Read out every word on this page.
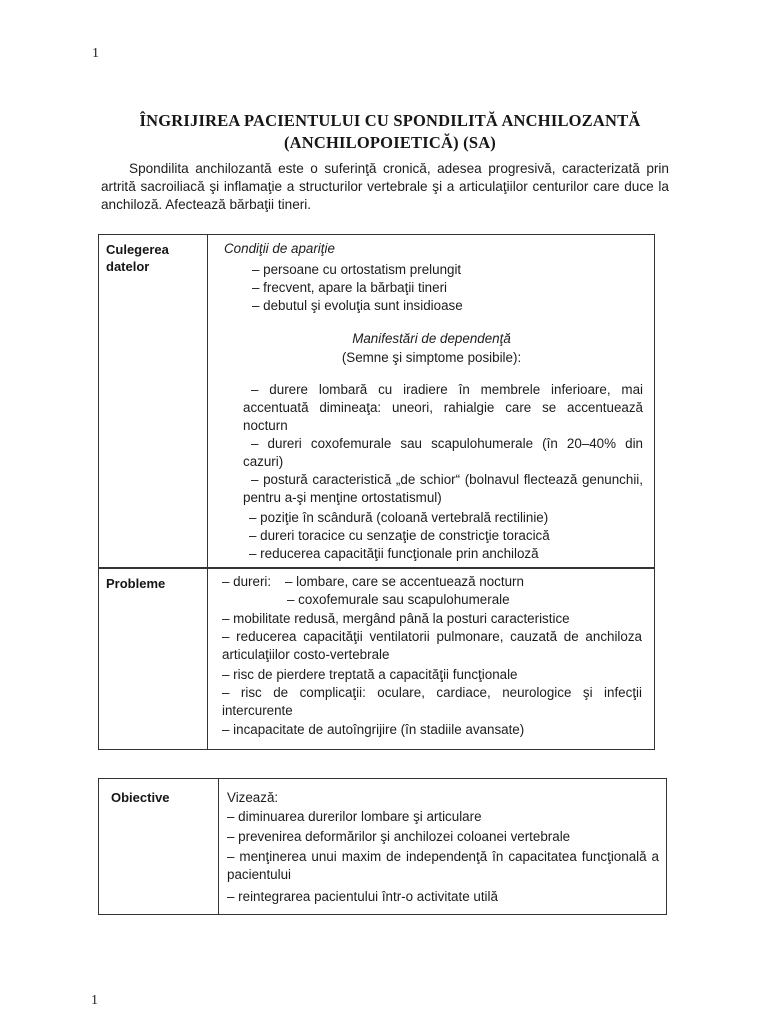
1
ÎNGRIJIREA PACIENTULUI CU SPONDILITĂ ANCHILOZANTĂ
(ANCHILOPOIETICĂ) (SA)
Spondilita anchilozantă este o suferinţă cronică, adesea progresivă, caracterizată prin artrită sacroiliacă şi inflamaţie a structurilor vertebrale şi a articulaţiilor centurilor care duce la anchiloză. Afectează bărbaţii tineri.
Culegerea
datelor
Condiţii de apariţie
– persoane cu ortostatism prelungit
– frecvent, apare la bărbaţii tineri
– debutul şi evoluţia sunt insidioase
Manifestări de dependenţă
(Semne şi simptome posibile):
– durere lombară cu iradiere în membrele inferioare, mai accentuată dimineaţa: uneori, rahialgie care se accentuează nocturn
– dureri coxofemurale sau scapulohumerale (în 20–40% din cazuri)
– postură caracteristică „de schior“ (bolnavul flectează genunchii, pentru a-şi menţine ortostatismul)
– poziţie în scândură (coloană vertebrală rectilinie)
– dureri toracice cu senzaţie de constricţie toracică
– reducerea capacităţii funcţionale prin anchiloză
Probleme	– dureri: – lombare, care se accentuează nocturn
– coxofemurale sau scapulohumerale
– mobilitate redusă, mergând până la posturi caracteristice
– reducerea capacităţii ventilatorii pulmonare, cauzată de anchiloza articulaţiilor costo-vertebrale
– risc de pierdere treptată a capacităţii funcţionale
– risc de complicaţii: oculare, cardiace, neurologice şi infecţii intercurente
– incapacitate de autoîngrijire (în stadiile avansate)
Obiective	Vizează:
– diminuarea durerilor lombare şi articulare
– prevenirea deformărilor şi anchilozei coloanei vertebrale
– menţinerea unui maxim de independenţă în capacitatea funcţională a pacientului
– reintegrarea pacientului într-o activitate utilă
1
